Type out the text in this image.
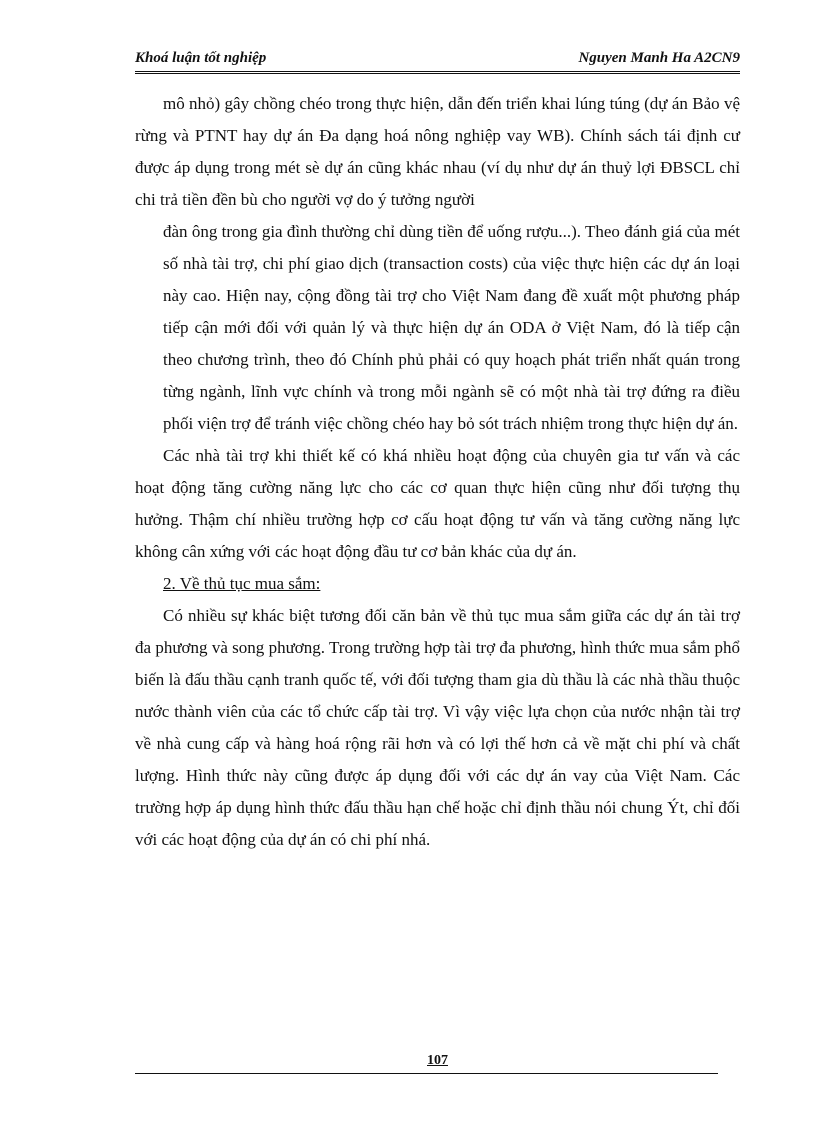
Khoá luận tốt nghiệp	Nguyen Manh Ha A2CN9

mô nhỏ) gây chồng chéo trong thực hiện, dẫn đến triển khai lúng túng (dự án Bảo vệ rừng và PTNT hay dự án Đa dạng hoá nông nghiệp vay WB). Chính sách tái định cư được áp dụng trong mét sè dự án cũng khác nhau (ví dụ như dự án thuỷ lợi ĐBSCL chỉ chi trả tiền đền bù cho người vợ do ý tưởng người

đàn ông trong gia đình thường chỉ dùng tiền để uống rượu...). Theo đánh giá của mét số nhà tài trợ, chi phí giao dịch (transaction costs) của việc thực hiện các dự án loại này cao. Hiện nay, cộng đồng tài trợ cho Việt Nam đang đề xuất một phương pháp tiếp cận mới đối với quản lý và thực hiện dự án ODA ở Việt Nam, đó là tiếp cận theo chương trình, theo đó Chính phủ phải có quy hoạch phát triển nhất quán trong từng ngành, lĩnh vực chính và trong mỗi ngành sẽ có một nhà tài trợ đứng ra điều phối viện trợ để tránh việc chồng chéo hay bỏ sót trách nhiệm trong thực hiện dự án.

Các nhà tài trợ khi thiết kế có khá nhiều hoạt động của chuyên gia tư vấn và các hoạt động tăng cường năng lực cho các cơ quan thực hiện cũng như đối tượng thụ hưởng. Thậm chí nhiều trường hợp cơ cấu hoạt động tư vấn và tăng cường năng lực không cân xứng với các hoạt động đầu tư cơ bản khác của dự án.

2. Về thủ tục mua sắm:

Có nhiều sự khác biệt tương đối căn bản về thủ tục mua sắm giữa các dự án tài trợ đa phương và song phương. Trong trường hợp tài trợ đa phương, hình thức mua sắm phổ biến là đấu thầu cạnh tranh quốc tế, với đối tượng tham gia dù thầu là các nhà thầu thuộc nước thành viên của các tổ chức cấp tài trợ. Vì vậy việc lựa chọn của nước nhận tài trợ về nhà cung cấp và hàng hoá rộng rãi hơn và có lợi thế hơn cả về mặt chi phí và chất lượng. Hình thức này cũng được áp dụng đối với các dự án vay của Việt Nam. Các trường hợp áp dụng hình thức đấu thầu hạn chế hoặc chỉ định thầu nói chung Ýt, chỉ đối với các hoạt động của dự án có chi phí nhá.

107
